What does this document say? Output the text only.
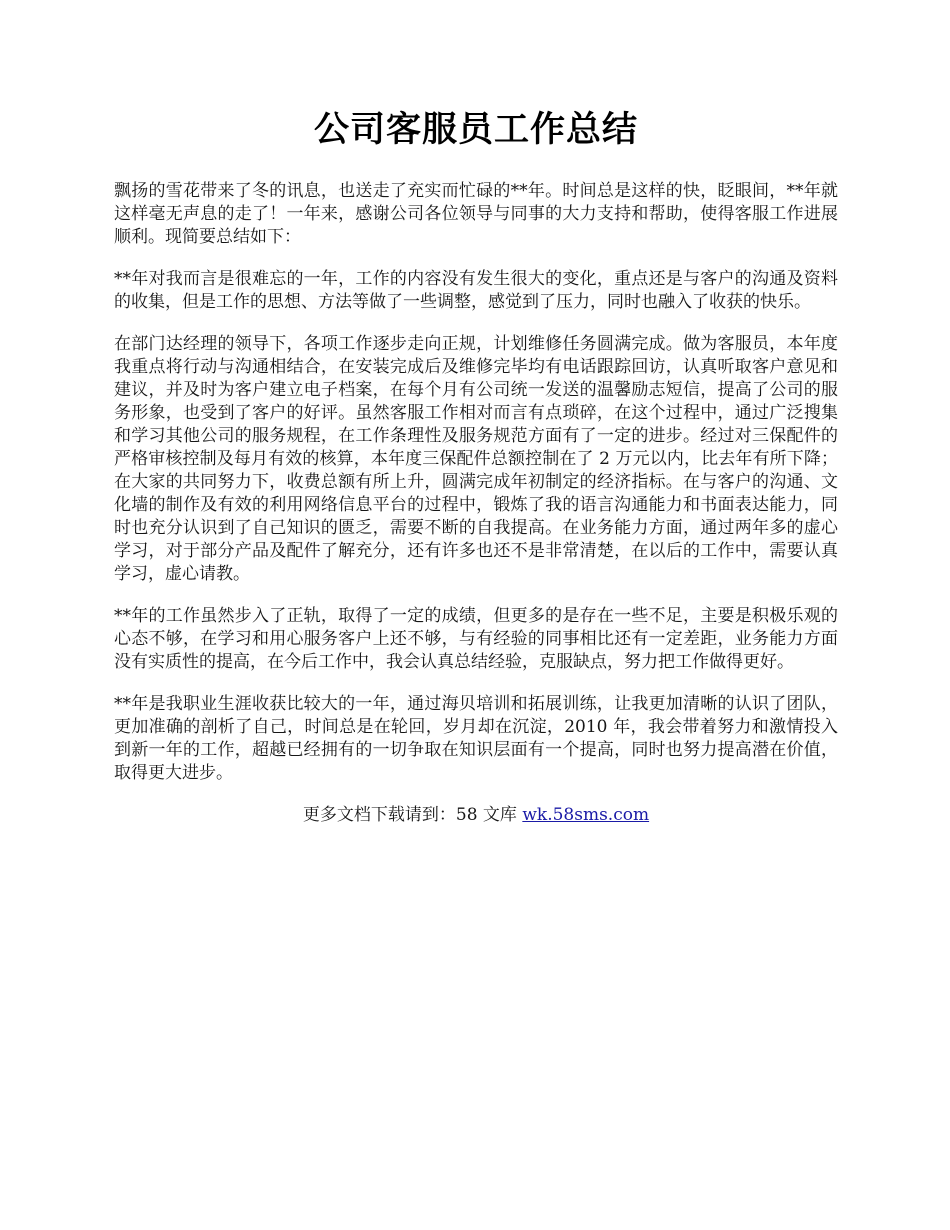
公司客服员工作总结

飘扬的雪花带来了冬的讯息，也送走了充实而忙碌的**年。时间总是这样的快，眨眼间，**年就这样毫无声息的走了！一年来，感谢公司各位领导与同事的大力支持和帮助，使得客服工作进展顺利。现简要总结如下：

**年对我而言是很难忘的一年，工作的内容没有发生很大的变化，重点还是与客户的沟通及资料的收集，但是工作的思想、方法等做了一些调整，感觉到了压力，同时也融入了收获的快乐。

在部门达经理的领导下，各项工作逐步走向正规，计划维修任务圆满完成。做为客服员，本年度我重点将行动与沟通相结合，在安装完成后及维修完毕均有电话跟踪回访，认真听取客户意见和建议，并及时为客户建立电子档案，在每个月有公司统一发送的温馨励志短信，提高了公司的服务形象，也受到了客户的好评。虽然客服工作相对而言有点琐碎，在这个过程中，通过广泛搜集和学习其他公司的服务规程，在工作条理性及服务规范方面有了一定的进步。经过对三保配件的严格审核控制及每月有效的核算，本年度三保配件总额控制在了 2 万元以内，比去年有所下降；在大家的共同努力下，收费总额有所上升，圆满完成年初制定的经济指标。在与客户的沟通、文化墙的制作及有效的利用网络信息平台的过程中，锻炼了我的语言沟通能力和书面表达能力，同时也充分认识到了自己知识的匮乏，需要不断的自我提高。在业务能力方面，通过两年多的虚心学习，对于部分产品及配件了解充分，还有许多也还不是非常清楚，在以后的工作中，需要认真学习，虚心请教。

**年的工作虽然步入了正轨，取得了一定的成绩，但更多的是存在一些不足，主要是积极乐观的心态不够，在学习和用心服务客户上还不够，与有经验的同事相比还有一定差距，业务能力方面没有实质性的提高，在今后工作中，我会认真总结经验，克服缺点，努力把工作做得更好。

**年是我职业生涯收获比较大的一年，通过海贝培训和拓展训练，让我更加清晰的认识了团队，更加准确的剖析了自己，时间总是在轮回，岁月却在沉淀，2010 年，我会带着努力和激情投入到新一年的工作，超越已经拥有的一切争取在知识层面有一个提高，同时也努力提高潜在价值，取得更大进步。

更多文档下载请到：58 文库 wk.58sms.com
